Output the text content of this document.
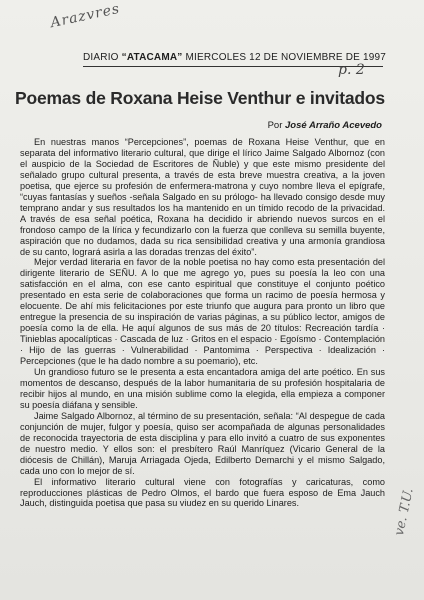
Arazvres
DIARIO “ATACAMA” MIERCOLES 12 DE NOVIEMBRE DE 1997
p. 2
Poemas de Roxana Heise Venthur e invitados
Por José Arraño Acevedo

En nuestras manos “Percepciones”, poemas de Roxana Heise Venthur, que en separata del informativo literario cultural, que dirige el lírico Jaime Salgado Albornoz (con el auspicio de la Sociedad de Escritores de Ñuble) y que este mismo presidente del señalado grupo cultural presenta, a través de esta breve muestra creativa, a la joven poetisa, que ejerce su profesión de enfermera-matrona y cuyo nombre lleva el epígrafe, “cuyas fantasías y sueños -señala Salgado en su prólogo- ha llevado consigo desde muy temprano andar y sus resultados los ha mantenido en un tímido recodo de la privacidad. A través de esa señal poética, Roxana ha decidido ir abriendo nuevos surcos en el frondoso campo de la lírica y fecundizarlo con la fuerza que conlleva su semilla buyente, aspiración que no dudamos, dada su rica sensibilidad creativa y una armonía grandiosa de su canto, logrará asirla a las doradas trenzas del éxito”.

Mejor verdad literaria en favor de la noble poetisa no hay como esta presentación del dirigente literario de SEÑU. A lo que me agrego yo, pues su poesía la leo con una satisfacción en el alma, con ese canto espiritual que constituye el conjunto poético presentado en esta serie de colaboraciones que forma un racimo de poesía hermosa y elocuente. De ahí mis felicitaciones por este triunfo que augura para pronto un libro que entregue la presencia de su inspiración de varias páginas, a su público lector, amigos de poesía como la de ella. He aquí algunos de sus más de 20 títulos: Recreación tardía · Tinieblas apocalípticas · Cascada de luz · Gritos en el espacio · Egoísmo · Contemplación · Hijo de las guerras · Vulnerabilidad · Pantomima · Perspectiva · Idealización · Percepciones (que le ha dado nombre a su poemario), etc.

Un grandioso futuro se le presenta a esta encantadora amiga del arte poético. En sus momentos de descanso, después de la labor humanitaria de su profesión hospitalaria de recibir hijos al mundo, en una misión sublime como la elegida, ella empieza a componer su poesía diáfana y sensible.

Jaime Salgado Albornoz, al término de su presentación, señala: “Al despegue de cada conjunción de mujer, fulgor y poesía, quiso ser acompañada de algunas personalidades de reconocida trayectoria de esta disciplina y para ello invitó a cuatro de sus exponentes de nuestro medio. Y ellos son: el presbítero Raúl Manríquez (Vicario General de la diócesis de Chillán), Maruja Arriagada Ojeda, Edilberto Demarchi y el mismo Salgado, cada uno con lo mejor de sí.

El informativo literario cultural viene con fotografías y caricaturas, como reproducciones plásticas de Pedro Olmos, el bardo que fuera esposo de Ema Jauch Jauch, distinguida poetisa que pasa su viudez en su querido Linares.	ve. T.U.
